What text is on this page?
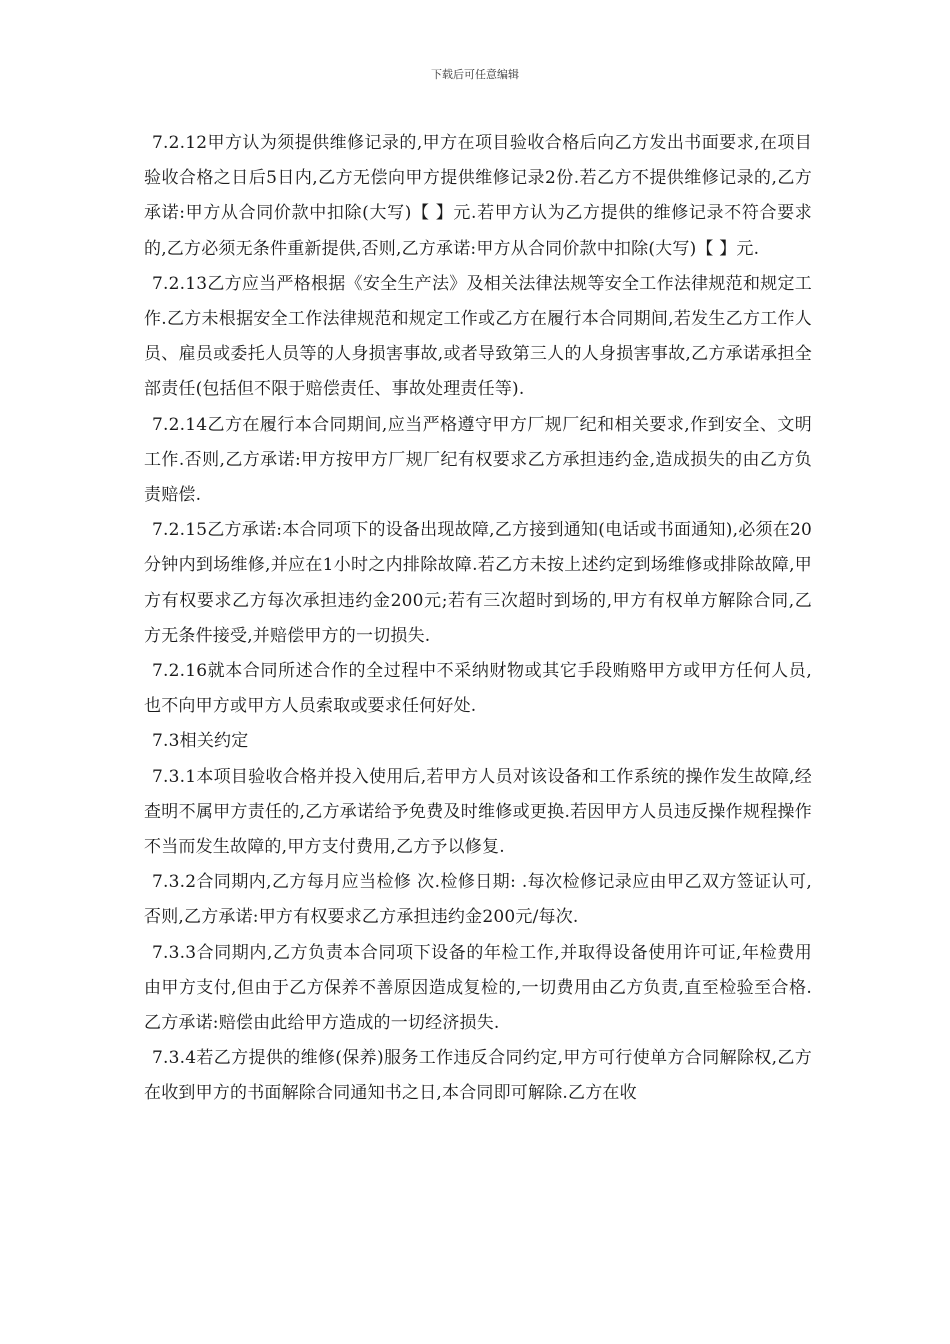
下载后可任意编辑

7.2.12甲方认为须提供维修记录的,甲方在项目验收合格后向乙方发出书面要求,在项目验收合格之日后5日内,乙方无偿向甲方提供维修记录2份.若乙方不提供维修记录的,乙方承诺:甲方从合同价款中扣除(大写)【 】元.若甲方认为乙方提供的维修记录不符合要求的,乙方必须无条件重新提供,否则,乙方承诺:甲方从合同价款中扣除(大写)【 】元.

7.2.13乙方应当严格根据《安全生产法》及相关法律法规等安全工作法律规范和规定工作.乙方未根据安全工作法律规范和规定工作或乙方在履行本合同期间,若发生乙方工作人员、雇员或委托人员等的人身损害事故,或者导致第三人的人身损害事故,乙方承诺承担全部责任(包括但不限于赔偿责任、事故处理责任等).

7.2.14乙方在履行本合同期间,应当严格遵守甲方厂规厂纪和相关要求,作到安全、文明工作.否则,乙方承诺:甲方按甲方厂规厂纪有权要求乙方承担违约金,造成损失的由乙方负责赔偿.

7.2.15乙方承诺:本合同项下的设备出现故障,乙方接到通知(电话或书面通知),必须在20分钟内到场维修,并应在1小时之内排除故障.若乙方未按上述约定到场维修或排除故障,甲方有权要求乙方每次承担违约金200元;若有三次超时到场的,甲方有权单方解除合同,乙方无条件接受,并赔偿甲方的一切损失.

7.2.16就本合同所述合作的全过程中不采纳财物或其它手段贿赂甲方或甲方任何人员,也不向甲方或甲方人员索取或要求任何好处.

7.3相关约定

7.3.1本项目验收合格并投入使用后,若甲方人员对该设备和工作系统的操作发生故障,经查明不属甲方责任的,乙方承诺给予免费及时维修或更换.若因甲方人员违反操作规程操作不当而发生故障的,甲方支付费用,乙方予以修复.

7.3.2合同期内,乙方每月应当检修 次.检修日期: .每次检修记录应由甲乙双方签证认可,否则,乙方承诺:甲方有权要求乙方承担违约金200元/每次.

7.3.3合同期内,乙方负责本合同项下设备的年检工作,并取得设备使用许可证,年检费用由甲方支付,但由于乙方保养不善原因造成复检的,一切费用由乙方负责,直至检验至合格.乙方承诺:赔偿由此给甲方造成的一切经济损失.

7.3.4若乙方提供的维修(保养)服务工作违反合同约定,甲方可行使单方合同解除权,乙方在收到甲方的书面解除合同通知书之日,本合同即可解除.乙方在收
